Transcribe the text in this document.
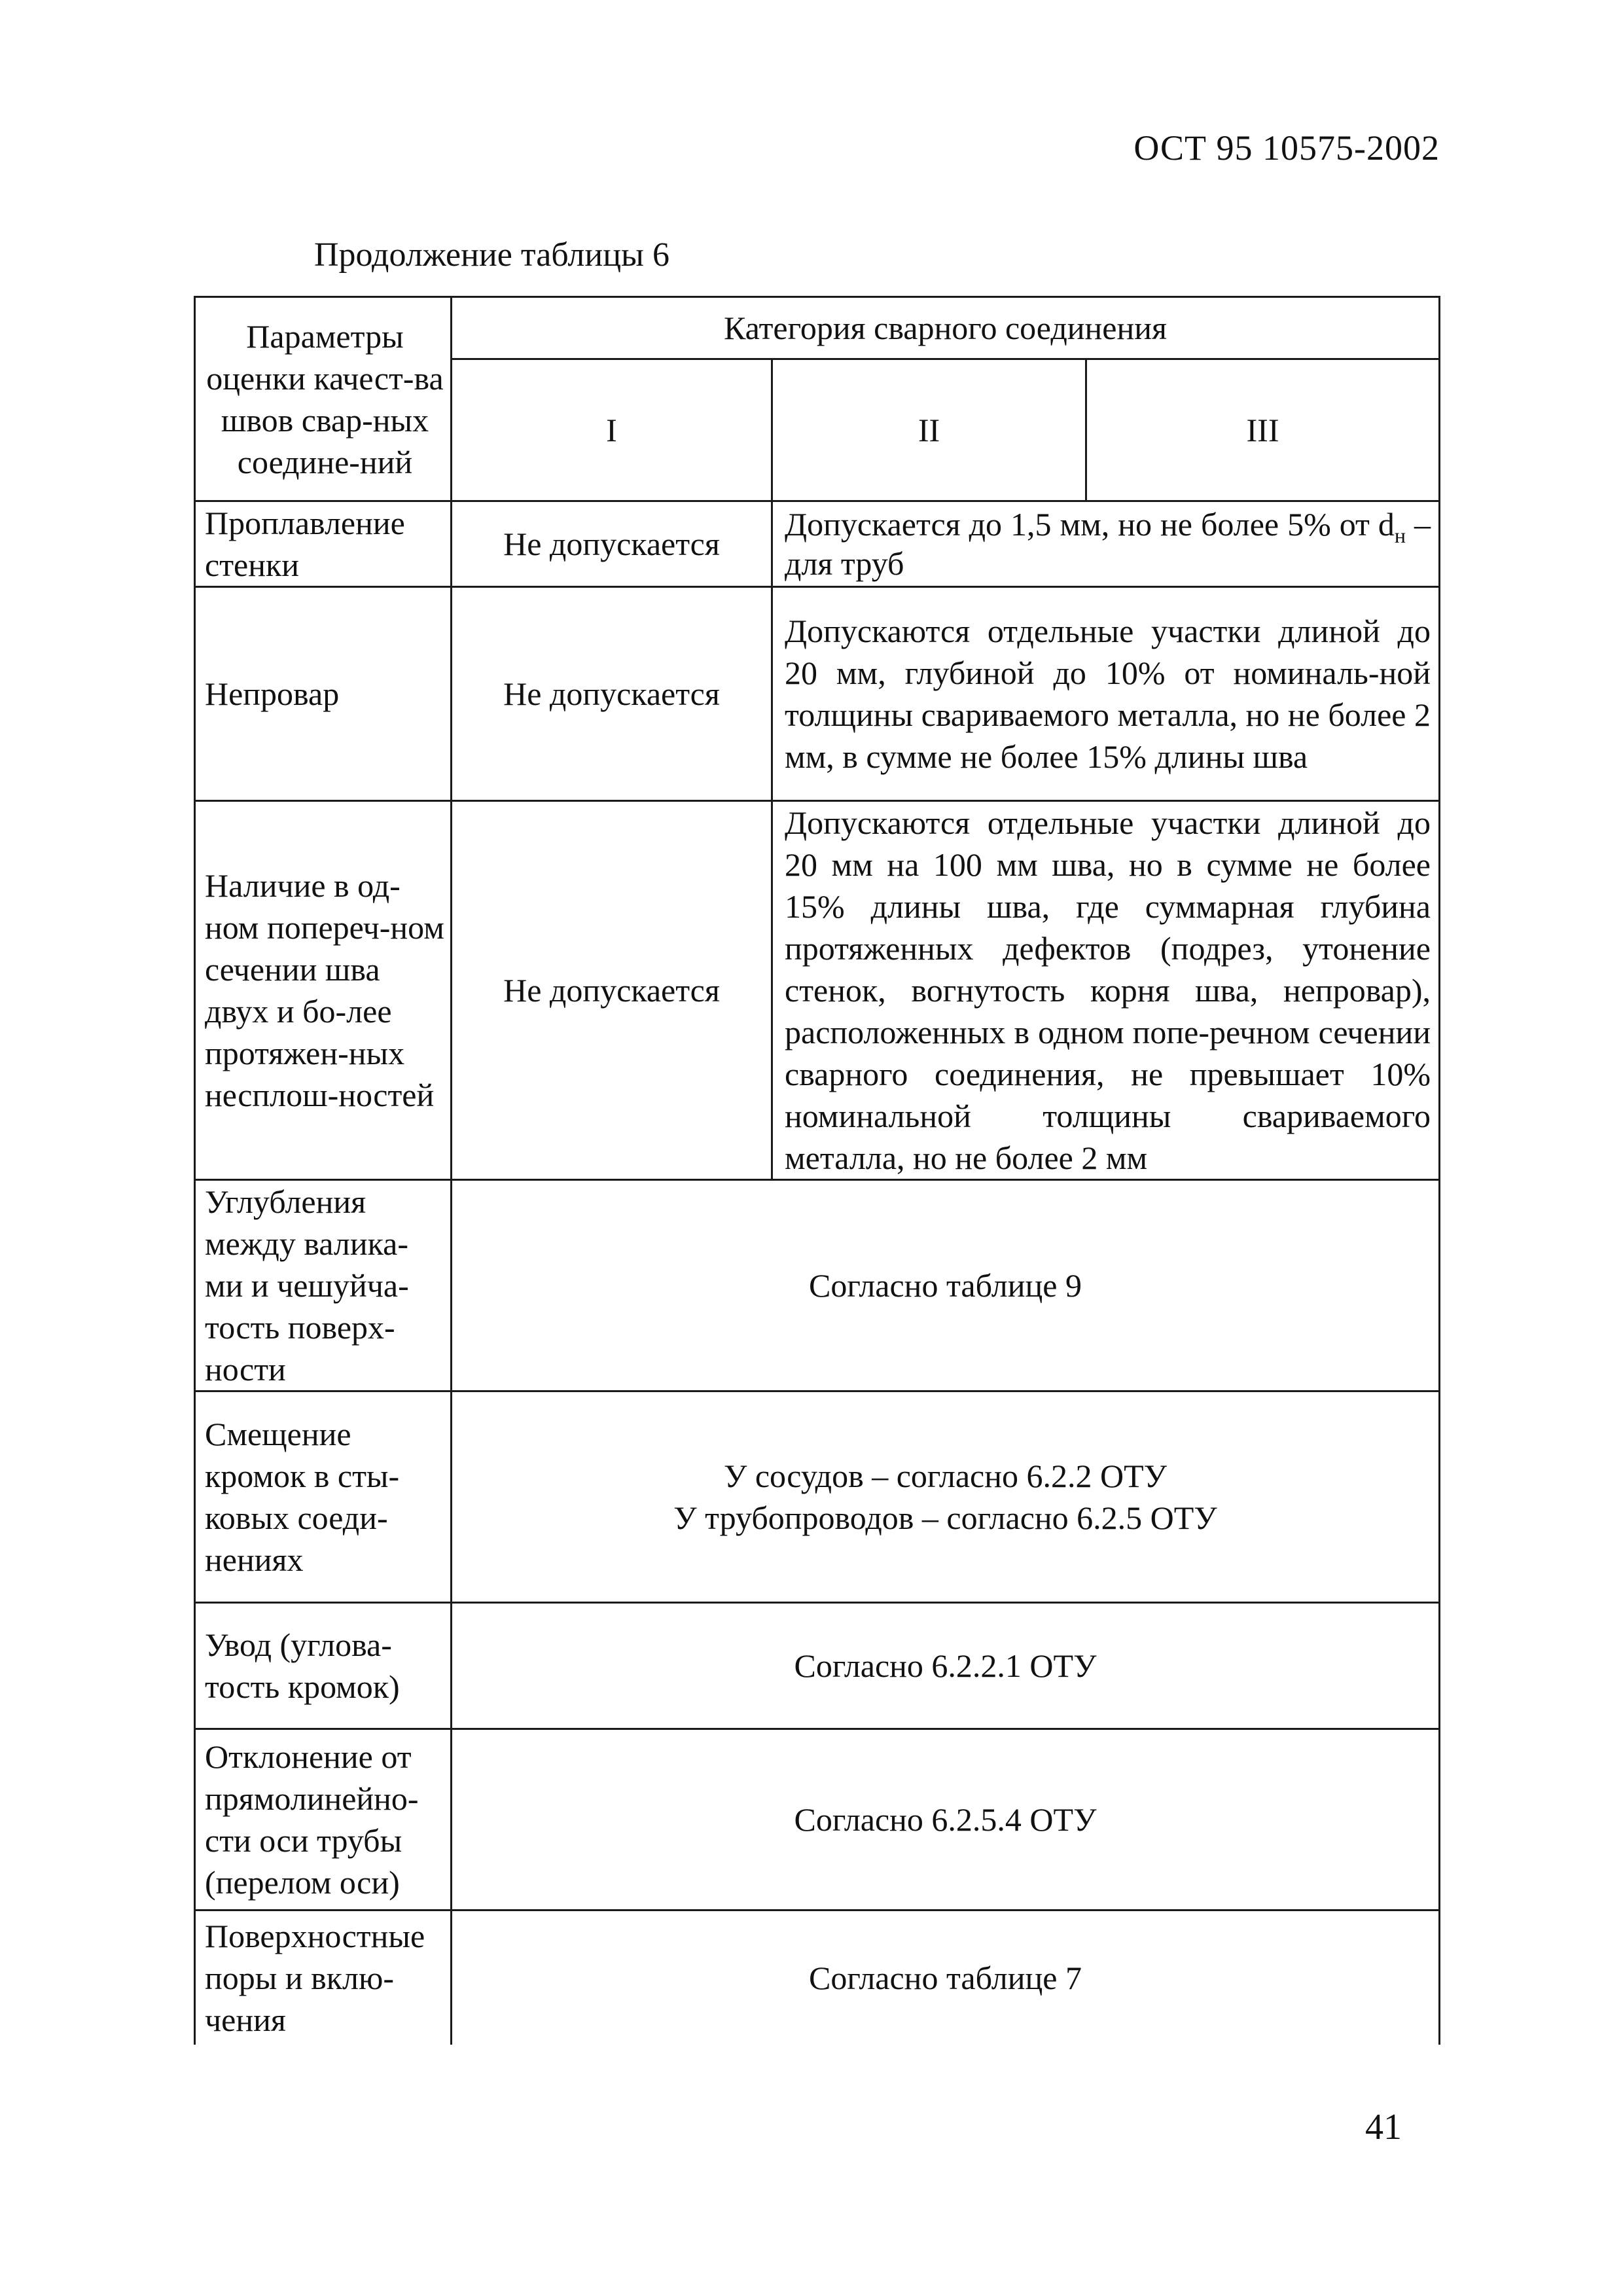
ОСТ 95 10575-2002
Продолжение таблицы 6
Параметры оценки качест-ва швов свар-ных соедине-ний	Категория сварного соединения		
	I	II	III
Проплавление стенки	Не допускается	Допускается до 1,5 мм, но не более 5% от $d_н$ – для труб	
Непровар	Не допускается	Допускаются отдельные участки длиной до 20 мм, глубиной до 10% от номиналь-ной толщины свариваемого металла, но не более 2 мм, в сумме не более 15% длины шва	
Наличие в од-ном попереч-ном сечении шва двух и бо-лее протяжен-ных несплош-ностей	Не допускается	Допускаются отдельные участки длиной до 20 мм на 100 мм шва, но в сумме не более 15% длины шва, где суммарная глубина протяженных дефектов (подрез, утонение стенок, вогнутость корня шва, непровар), расположенных в одном попе-речном сечении сварного соединения, не превышает 10% номинальной толщины свариваемого металла, но не более 2 мм	
Углубления между валика-ми и чешуйча-тость поверх-ности	Согласно таблице 9		
Смещение кромок в сты-ковых соеди-нениях	У сосудов – согласно 6.2.2 ОТУ
У трубопроводов – согласно 6.2.5 ОТУ		

Увод (углова-тость кромок)	Согласно 6.2.2.1 ОТУ		
Отклонение от прямолинейно-сти оси трубы (перелом оси)	Согласно 6.2.5.4 ОТУ		
Поверхностные поры и вклю-чения	Согласно таблице 7		
41
